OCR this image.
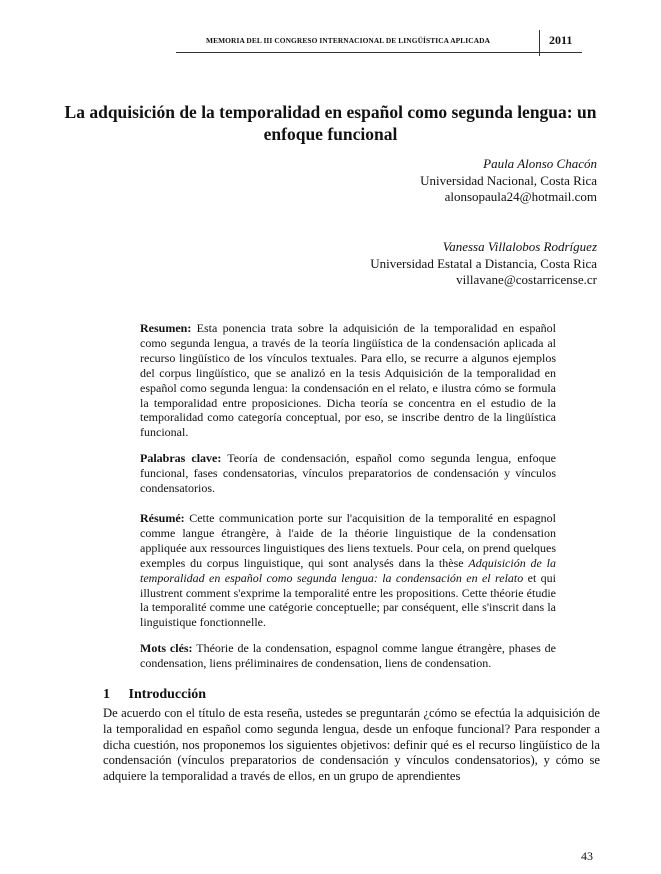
MEMORIA DEL III CONGRESO INTERNACIONAL DE LINGÜÍSTICA APLICADA	2011
La adquisición de la temporalidad en español como segunda lengua: un enfoque funcional
Paula Alonso Chacón
Universidad Nacional, Costa Rica
alonsopaula24@hotmail.com
Vanessa Villalobos Rodríguez
Universidad Estatal a Distancia, Costa Rica
villavane@costarricense.cr
Resumen: Esta ponencia trata sobre la adquisición de la temporalidad en español como segunda lengua, a través de la teoría lingüística de la condensación aplicada al recurso lingüístico de los vínculos textuales. Para ello, se recurre a algunos ejemplos del corpus lingüístico, que se analizó en la tesis Adquisición de la temporalidad en español como segunda lengua: la condensación en el relato, e ilustra cómo se formula la temporalidad entre proposiciones. Dicha teoría se concentra en el estudio de la temporalidad como categoría conceptual, por eso, se inscribe dentro de la lingüística funcional.
Palabras clave: Teoría de condensación, español como segunda lengua, enfoque funcional, fases condensatorias, vínculos preparatorios de condensación y vínculos condensatorios.
Résumé: Cette communication porte sur l'acquisition de la temporalité en espagnol comme langue étrangère, à l'aide de la théorie linguistique de la condensation appliquée aux ressources linguistiques des liens textuels. Pour cela, on prend quelques exemples du corpus linguistique, qui sont analysés dans la thèse Adquisición de la temporalidad en español como segunda lengua: la condensación en el relato et qui illustrent comment s'exprime la temporalité entre les propositions. Cette théorie étudie la temporalité comme une catégorie conceptuelle; par conséquent, elle s'inscrit dans la linguistique fonctionnelle.
Mots clés: Théorie de la condensation, espagnol comme langue étrangère, phases de condensation, liens préliminaires de condensation, liens de condensation.
1 Introducción
De acuerdo con el título de esta reseña, ustedes se preguntarán ¿cómo se efectúa la adquisición de la temporalidad en español como segunda lengua, desde un enfoque funcional? Para responder a dicha cuestión, nos proponemos los siguientes objetivos: definir qué es el recurso lingüístico de la condensación (vínculos preparatorios de condensación y vínculos condensatorios), y cómo se adquiere la temporalidad a través de ellos, en un grupo de aprendientes
43
